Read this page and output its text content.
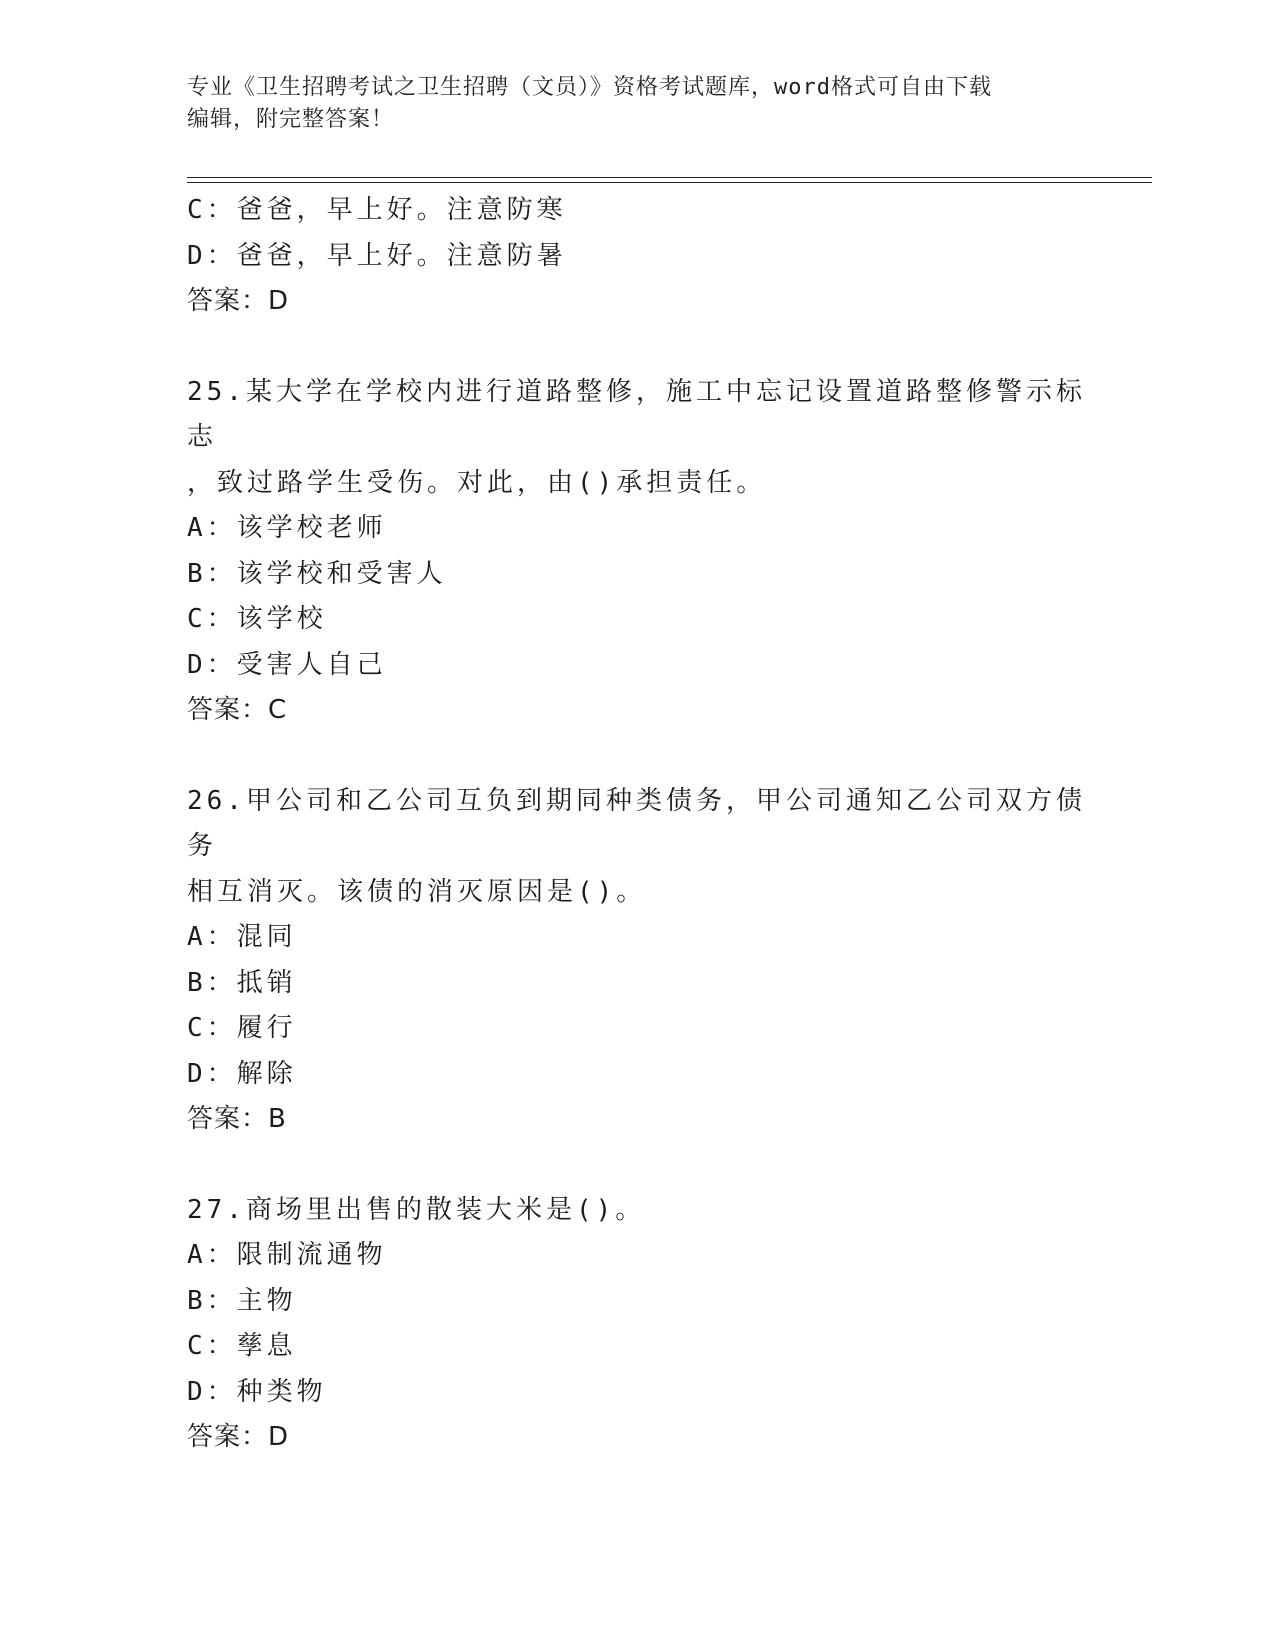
专业《卫生招聘考试之卫生招聘（文员）》资格考试题库，word格式可自由下载
编辑，附完整答案！
C：爸爸，早上好。注意防寒
D：爸爸，早上好。注意防暑
答案：D
25.某大学在学校内进行道路整修，施工中忘记设置道路整修警示标志
，致过路学生受伤。对此，由()承担责任。
A：该学校老师
B：该学校和受害人
C：该学校
D：受害人自己
答案：C
26.甲公司和乙公司互负到期同种类债务，甲公司通知乙公司双方债务
相互消灭。该债的消灭原因是()。
A：混同
B：抵销
C：履行
D：解除
答案：B
27.商场里出售的散装大米是()。
A：限制流通物
B：主物
C：孳息
D：种类物
答案：D
